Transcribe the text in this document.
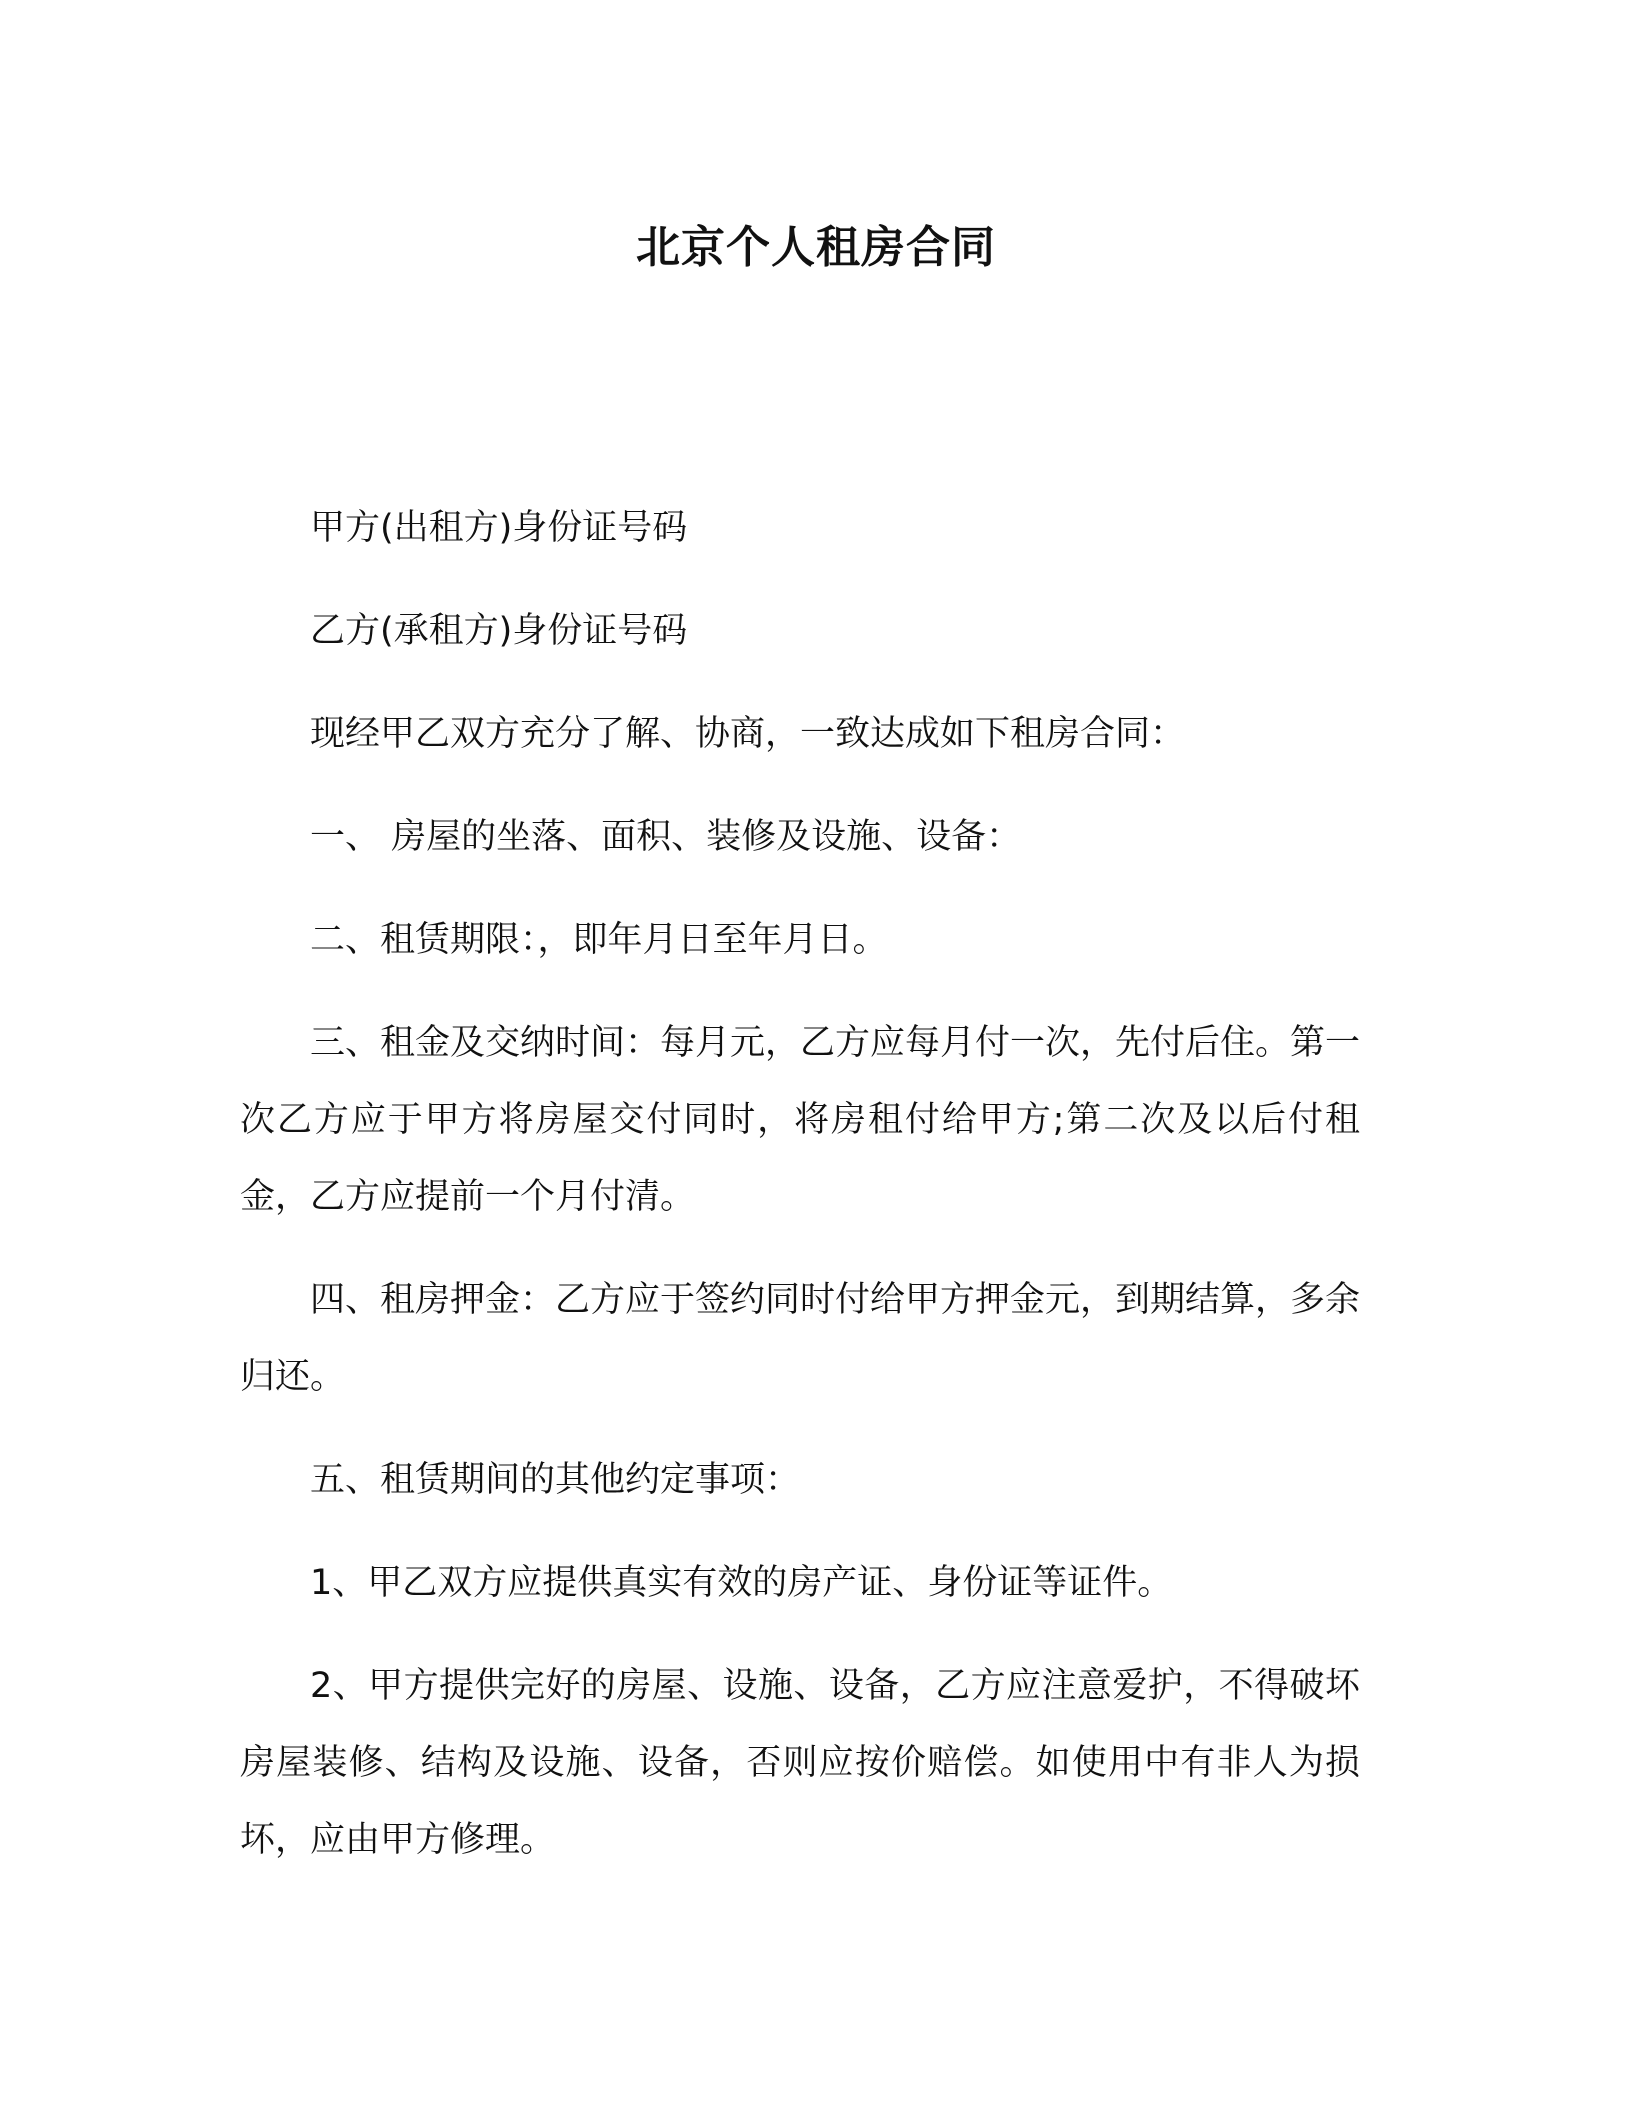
北京个人租房合同

甲方(出租方)身份证号码

乙方(承租方)身份证号码

现经甲乙双方充分了解、协商，一致达成如下租房合同：

一、 房屋的坐落、面积、装修及设施、设备：

二、租赁期限：，即年月日至年月日。

三、租金及交纳时间：每月元，乙方应每月付一次，先付后住。第一次乙方应于甲方将房屋交付同时，将房租付给甲方;第二次及以后付租金，乙方应提前一个月付清。

四、租房押金：乙方应于签约同时付给甲方押金元，到期结算，多余归还。

五、租赁期间的其他约定事项：

1、甲乙双方应提供真实有效的房产证、身份证等证件。

2、甲方提供完好的房屋、设施、设备，乙方应注意爱护，不得破坏房屋装修、结构及设施、设备，否则应按价赔偿。如使用中有非人为损坏，应由甲方修理。
